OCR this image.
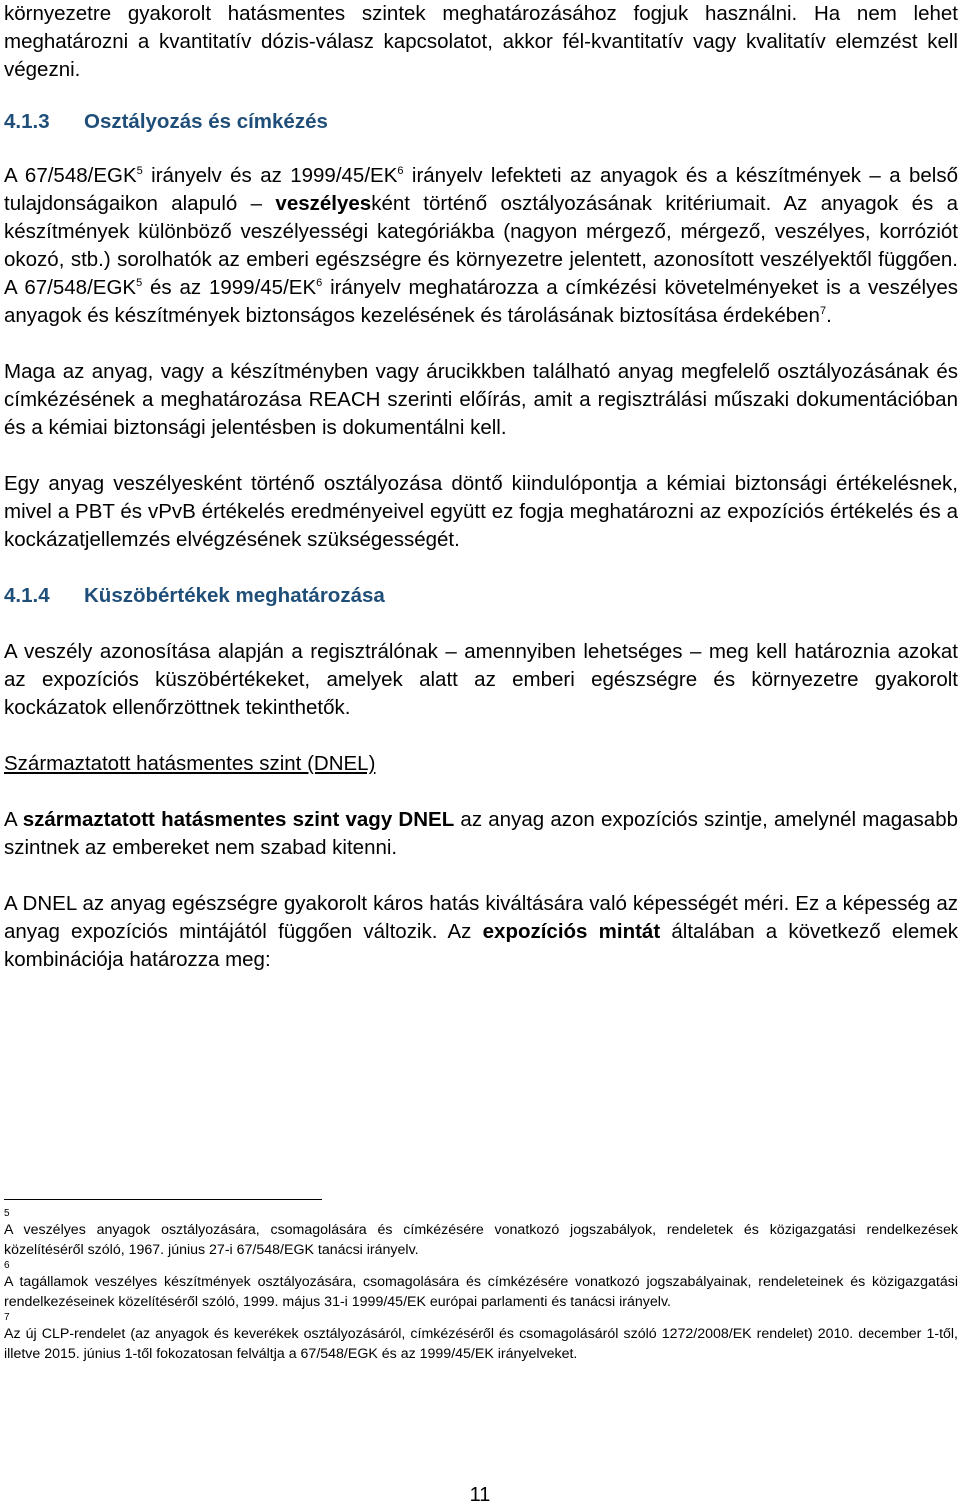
környezetre gyakorolt hatásmentes szintek meghatározásához fogjuk használni. Ha nem lehet meghatározni a kvantitatív dózis-válasz kapcsolatot, akkor fél-kvantitatív vagy kvalitatív elemzést kell végezni.

4.1.3 Osztályozás és címkézés

A 67/548/EGK$^5$ irányelv és az 1999/45/EK$^6$ irányelv lefekteti az anyagok és a készítmények – a belső tulajdonságaikon alapuló – veszélyesként történő osztályozásának kritériumait. Az anyagok és a készítmények különböző veszélyességi kategóriákba (nagyon mérgező, mérgező, veszélyes, korróziót okozó, stb.) sorolhatók az emberi egészségre és környezetre jelentett, azonosított veszélyektől függően. A 67/548/EGK$^5$ és az 1999/45/EK$^6$ irányelv meghatározza a címkézési követelményeket is a veszélyes anyagok és készítmények biztonságos kezelésének és tárolásának biztosítása érdekében$^7$.

Maga az anyag, vagy a készítményben vagy árucikkben található anyag megfelelő osztályozásának és címkézésének a meghatározása REACH szerinti előírás, amit a regisztrálási műszaki dokumentációban és a kémiai biztonsági jelentésben is dokumentálni kell.

Egy anyag veszélyesként történő osztályozása döntő kiindulópontja a kémiai biztonsági értékelésnek, mivel a PBT és vPvB értékelés eredményeivel együtt ez fogja meghatározni az expozíciós értékelés és a kockázatjellemzés elvégzésének szükségességét.

4.1.4 Küszöbértékek meghatározása

A veszély azonosítása alapján a regisztrálónak – amennyiben lehetséges – meg kell határoznia azokat az expozíciós küszöbértékeket, amelyek alatt az emberi egészségre és környezetre gyakorolt kockázatok ellenőrzöttnek tekinthetők.

Származtatott hatásmentes szint (DNEL)

A származtatott hatásmentes szint vagy DNEL az anyag azon expozíciós szintje, amelynél magasabb szintnek az embereket nem szabad kitenni.

A DNEL az anyag egészségre gyakorolt káros hatás kiváltására való képességét méri. Ez a képesség az anyag expozíciós mintájától függően változik. Az expozíciós mintát általában a következő elemek kombinációja határozza meg:

5
A veszélyes anyagok osztályozására, csomagolására és címkézésére vonatkozó jogszabályok, rendeletek és közigazgatási rendelkezések közelítéséről szóló, 1967. június 27-i 67/548/EGK tanácsi irányelv.

6
A tagállamok veszélyes készítmények osztályozására, csomagolására és címkézésére vonatkozó jogszabályainak, rendeleteinek és közigazgatási rendelkezéseinek közelítéséről szóló, 1999. május 31-i 1999/45/EK európai parlamenti és tanácsi irányelv.

7
Az új CLP-rendelet (az anyagok és keverékek osztályozásáról, címkézéséről és csomagolásáról szóló 1272/2008/EK rendelet) 2010. december 1-től, illetve 2015. június 1-től fokozatosan felváltja a 67/548/EGK és az 1999/45/EK irányelveket.

11
